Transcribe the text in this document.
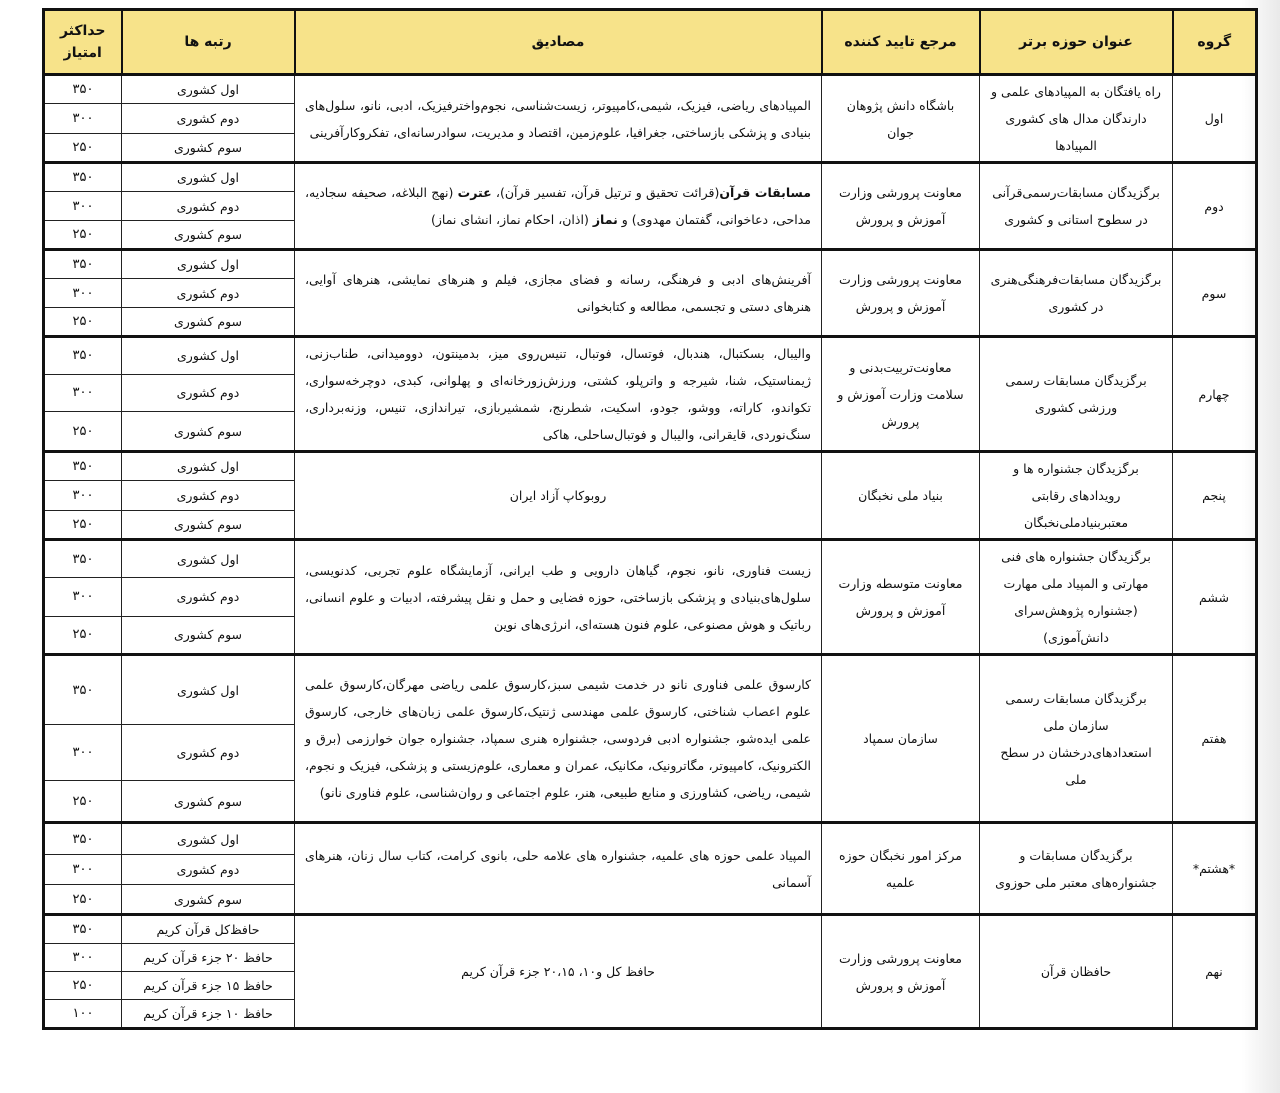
گروه	عنوان حوزه برتر	مرجع تایید کننده	مصادیق	رتبه ها	حداکثر امتیاز
اول	راه یافتگان به المپیادهای علمی و دارندگان مدال های کشوری المپیادها	باشگاه دانش پژوهان جوان	المپیادهای ریاضی، فیزیک، شیمی،کامپیوتر، زیست‌شناسی، نجوم‌واخترفیزیک، ادبی، نانو، سلول‌های بنیادی و پزشکی بازساختی، جغرافیا، علوم‌زمین، اقتصاد و مدیریت، سوادرسانه‌ای، تفکروکارآفرینی	اول کشوری	۳۵۰
				دوم کشوری	۳۰۰
				سوم کشوری	۲۵۰
دوم	برگزیدگان مسابقات‌رسمی‌قرآنی در سطوح استانی و کشوری	معاونت پرورشی وزارت آموزش و پرورش	مسابقات قرآن(قرائت تحقیق و ترتیل قرآن، تفسیر قرآن)، عترت (نهج البلاغه، صحیفه سجادیه، مداحی، دعاخوانی، گفتمان مهدوی) و نماز (اذان، احکام نماز، انشای نماز)	اول کشوری	۳۵۰
				دوم کشوری	۳۰۰
				سوم کشوری	۲۵۰
سوم	برگزیدگان مسابقات‌فرهنگی‌هنری در کشوری	معاونت پرورشی وزارت آموزش و پرورش	آفرینش‌های ادبی و فرهنگی، رسانه و فضای مجازی، فیلم و هنرهای نمایشی، هنرهای آوایی، هنرهای دستی و تجسمی، مطالعه و کتابخوانی	اول کشوری	۳۵۰
				دوم کشوری	۳۰۰
				سوم کشوری	۲۵۰
چهارم	برگزیدگان مسابقات رسمی ورزشی کشوری	معاونت‌تربیت‌بدنی و سلامت وزارت آموزش و پرورش	والیبال، بسکتبال، هندبال، فوتسال، فوتبال، تنیس‌روی میز، بدمینتون، دوومیدانی، طناب‌زنی، ژیمناستیک، شنا، شیرجه و واترپلو، کشتی، ورزش‌زورخانه‌ای و پهلوانی، کبدی، دوچرخه‌سواری، تکواندو، کاراته، ووشو، جودو، اسکیت، شطرنج، شمشیربازی، تیراندازی، تنیس، وزنه‌برداری، سنگ‌نوردی، قایقرانی، والیبال و فوتبال‌ساحلی، هاکی	اول کشوری	۳۵۰
				دوم کشوری	۳۰۰
				سوم کشوری	۲۵۰
پنجم	برگزیدگان جشنواره ها و رویدادهای رقابتی معتبربنیادملی‌نخبگان	بنیاد ملی نخبگان	روبوکاپ آزاد ایران	اول کشوری	۳۵۰
				دوم کشوری	۳۰۰
				سوم کشوری	۲۵۰
ششم	برگزیدگان جشنواره های فنی مهارتی و المپیاد ملی مهارت (جشنواره پژوهش‌سرای دانش‌آموزی)	معاونت متوسطه وزارت آموزش و پرورش	زیست فناوری، نانو، نجوم، گیاهان دارویی و طب ایرانی، آزمایشگاه علوم تجربی، کدنویسی، سلول‌های‌بنیادی و پزشکی بازساختی، حوزه فضایی و حمل و نقل پیشرفته، ادبیات و علوم انسانی، رباتیک و هوش مصنوعی، علوم فنون هسته‌ای، انرژی‌های نوین	اول کشوری	۳۵۰
				دوم کشوری	۳۰۰
				سوم کشوری	۲۵۰
هفتم	برگزیدگان مسابقات رسمی سازمان ملی استعدادهای‌درخشان در سطح ملی	سازمان سمپاد	کارسوق علمی فناوری نانو در خدمت شیمی سبز،کارسوق علمی ریاضی مهرگان،کارسوق علمی علوم اعصاب شناختی، کارسوق علمی مهندسی ژنتیک،کارسوق علمی زبان‌های خارجی، کارسوق علمی ایده‌شو، جشنواره ادبی فردوسی، جشنواره هنری سمپاد، جشنواره جوان خوارزمی (برق و الکترونیک، کامپیوتر، مگاترونیک، مکانیک، عمران و معماری، علوم‌زیستی و پزشکی، فیزیک و نجوم، شیمی، ریاضی، کشاورزی و منابع طبیعی، هنر، علوم اجتماعی و روان‌شناسی، علوم فناوری نانو)	اول کشوری	۳۵۰
				دوم کشوری	۳۰۰
				سوم کشوری	۲۵۰
*هشتم*	برگزیدگان مسابقات و جشنواره‌های معتبر ملی حوزوی	مرکز امور نخبگان حوزه علمیه	المپیاد علمی حوزه های علمیه، جشنواره های علامه حلی، بانوی کرامت، کتاب سال زنان، هنرهای آسمانی	اول کشوری	۳۵۰
				دوم کشوری	۳۰۰
				سوم کشوری	۲۵۰
نهم	حافظان قرآن	معاونت پرورشی وزارت آموزش و پرورش	حافظ کل و۱۰، ۲۰،۱۵ جزء قرآن کریم	حافظ‌کل قرآن کریم	۳۵۰
				حافظ ۲۰ جزء قرآن کریم	۳۰۰
				حافظ ۱۵ جزء قرآن کریم	۲۵۰
				حافظ ۱۰ جزء قرآن کریم	۱۰۰
